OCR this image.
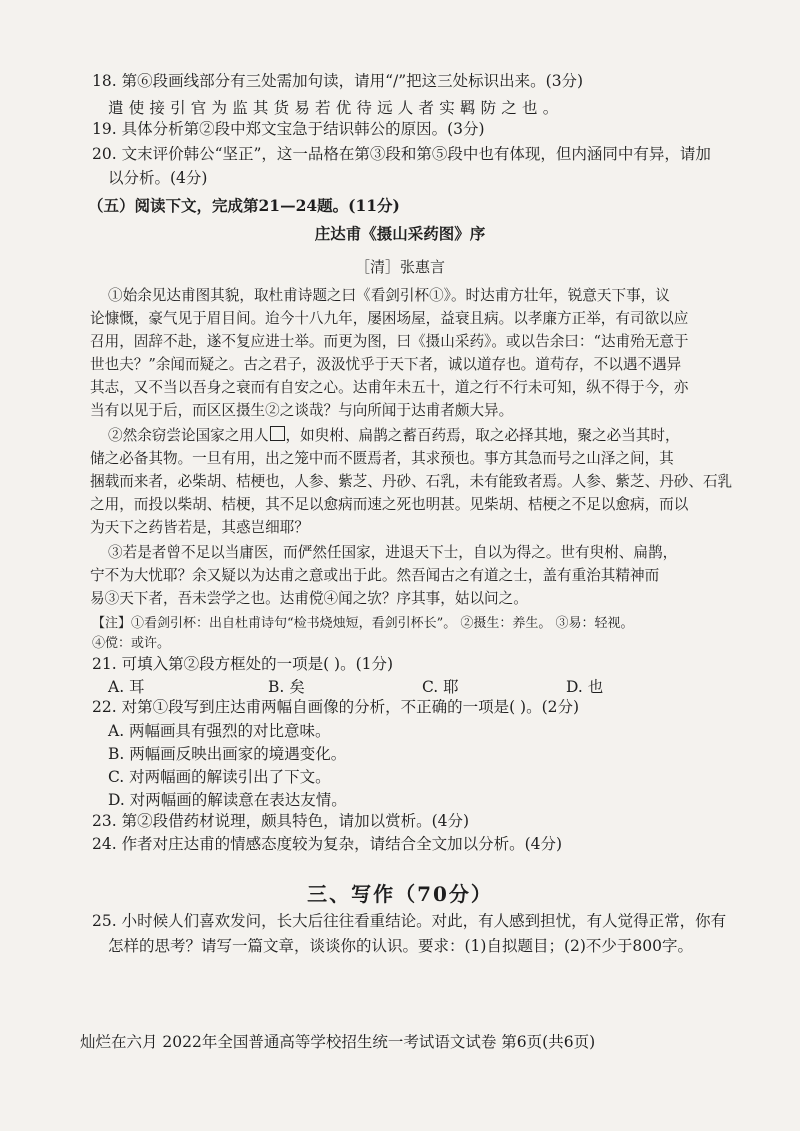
18. 第⑥段画线部分有三处需加句读，请用“/”把这三处标识出来。(3分)
遣使接引官为监其货易若优待远人者实羁防之也。
19. 具体分析第②段中郑文宝急于结识韩公的原因。(3分)
20. 文末评价韩公“坚正”，这一品格在第③段和第⑤段中也有体现，但内涵同中有异，请加
以分析。(4分)
（五）阅读下文，完成第21—24题。(11分)
庄达甫《摄山采药图》序
［清］张惠言
①始余见达甫图其貌，取杜甫诗题之曰《看剑引杯①》。时达甫方壮年，锐意天下事，议
论慷慨，豪气见于眉目间。迨今十八九年，屡困场屋，益衰且病。以孝廉方正举，有司欲以应
召用，固辞不赴，遂不复应进士举。而更为图，曰《摄山采药》。或以告余曰：“达甫殆无意于
世也夫？”余闻而疑之。古之君子，汲汲忧乎于天下者，诚以道存也。道苟存，不以遇不遇异
其志，又不当以吾身之衰而有自安之心。达甫年未五十，道之行不行未可知，纵不得于今，亦
当有以见于后，而区区摄生②之谈哉？与向所闻于达甫者颇大异。
②然余窃尝论国家之用人 ，如臾柎、扁鹊之蓄百药焉，取之必择其地，聚之必当其时，
储之必备其物。一旦有用，出之笼中而不匮焉者，其求预也。事方其急而号之山泽之间，其
捆载而来者，必柴胡、桔梗也，人参、紫芝、丹砂、石乳，未有能致者焉。人参、紫芝、丹砂、石乳
之用，而投以柴胡、桔梗，其不足以愈病而速之死也明甚。见柴胡、桔梗之不足以愈病，而以
为天下之药皆若是，其惑岂细耶？
③若是者曾不足以当庸医，而俨然任国家，进退天下士，自以为得之。世有臾柎、扁鹊，
宁不为大忧耶？余又疑以为达甫之意或出于此。然吾闻古之有道之士，盖有重治其精神而
易③天下者，吾未尝学之也。达甫傥④闻之欤？序其事，姑以问之。
【注】①看剑引杯：出自杜甫诗句“检书烧烛短，看剑引杯长”。 ②摄生：养生。 ③易：轻视。
④傥：或许。
21. 可填入第②段方框处的一项是( )。(1分)
A. 耳	B. 矣	C. 耶	D. 也
22. 对第①段写到庄达甫两幅自画像的分析，不正确的一项是( )。(2分)
A. 两幅画具有强烈的对比意味。
B. 两幅画反映出画家的境遇变化。
C. 对两幅画的解读引出了下文。
D. 对两幅画的解读意在表达友情。
23. 第②段借药材说理，颇具特色，请加以赏析。(4分)
24. 作者对庄达甫的情感态度较为复杂，请结合全文加以分析。(4分)
三、写作（70分）
25. 小时候人们喜欢发问，长大后往往看重结论。对此，有人感到担忧，有人觉得正常，你有
怎样的思考？请写一篇文章，谈谈你的认识。要求：(1)自拟题目；(2)不少于800字。
灿烂在六月 2022年全国普通高等学校招生统一考试语文试卷 第6页(共6页)
